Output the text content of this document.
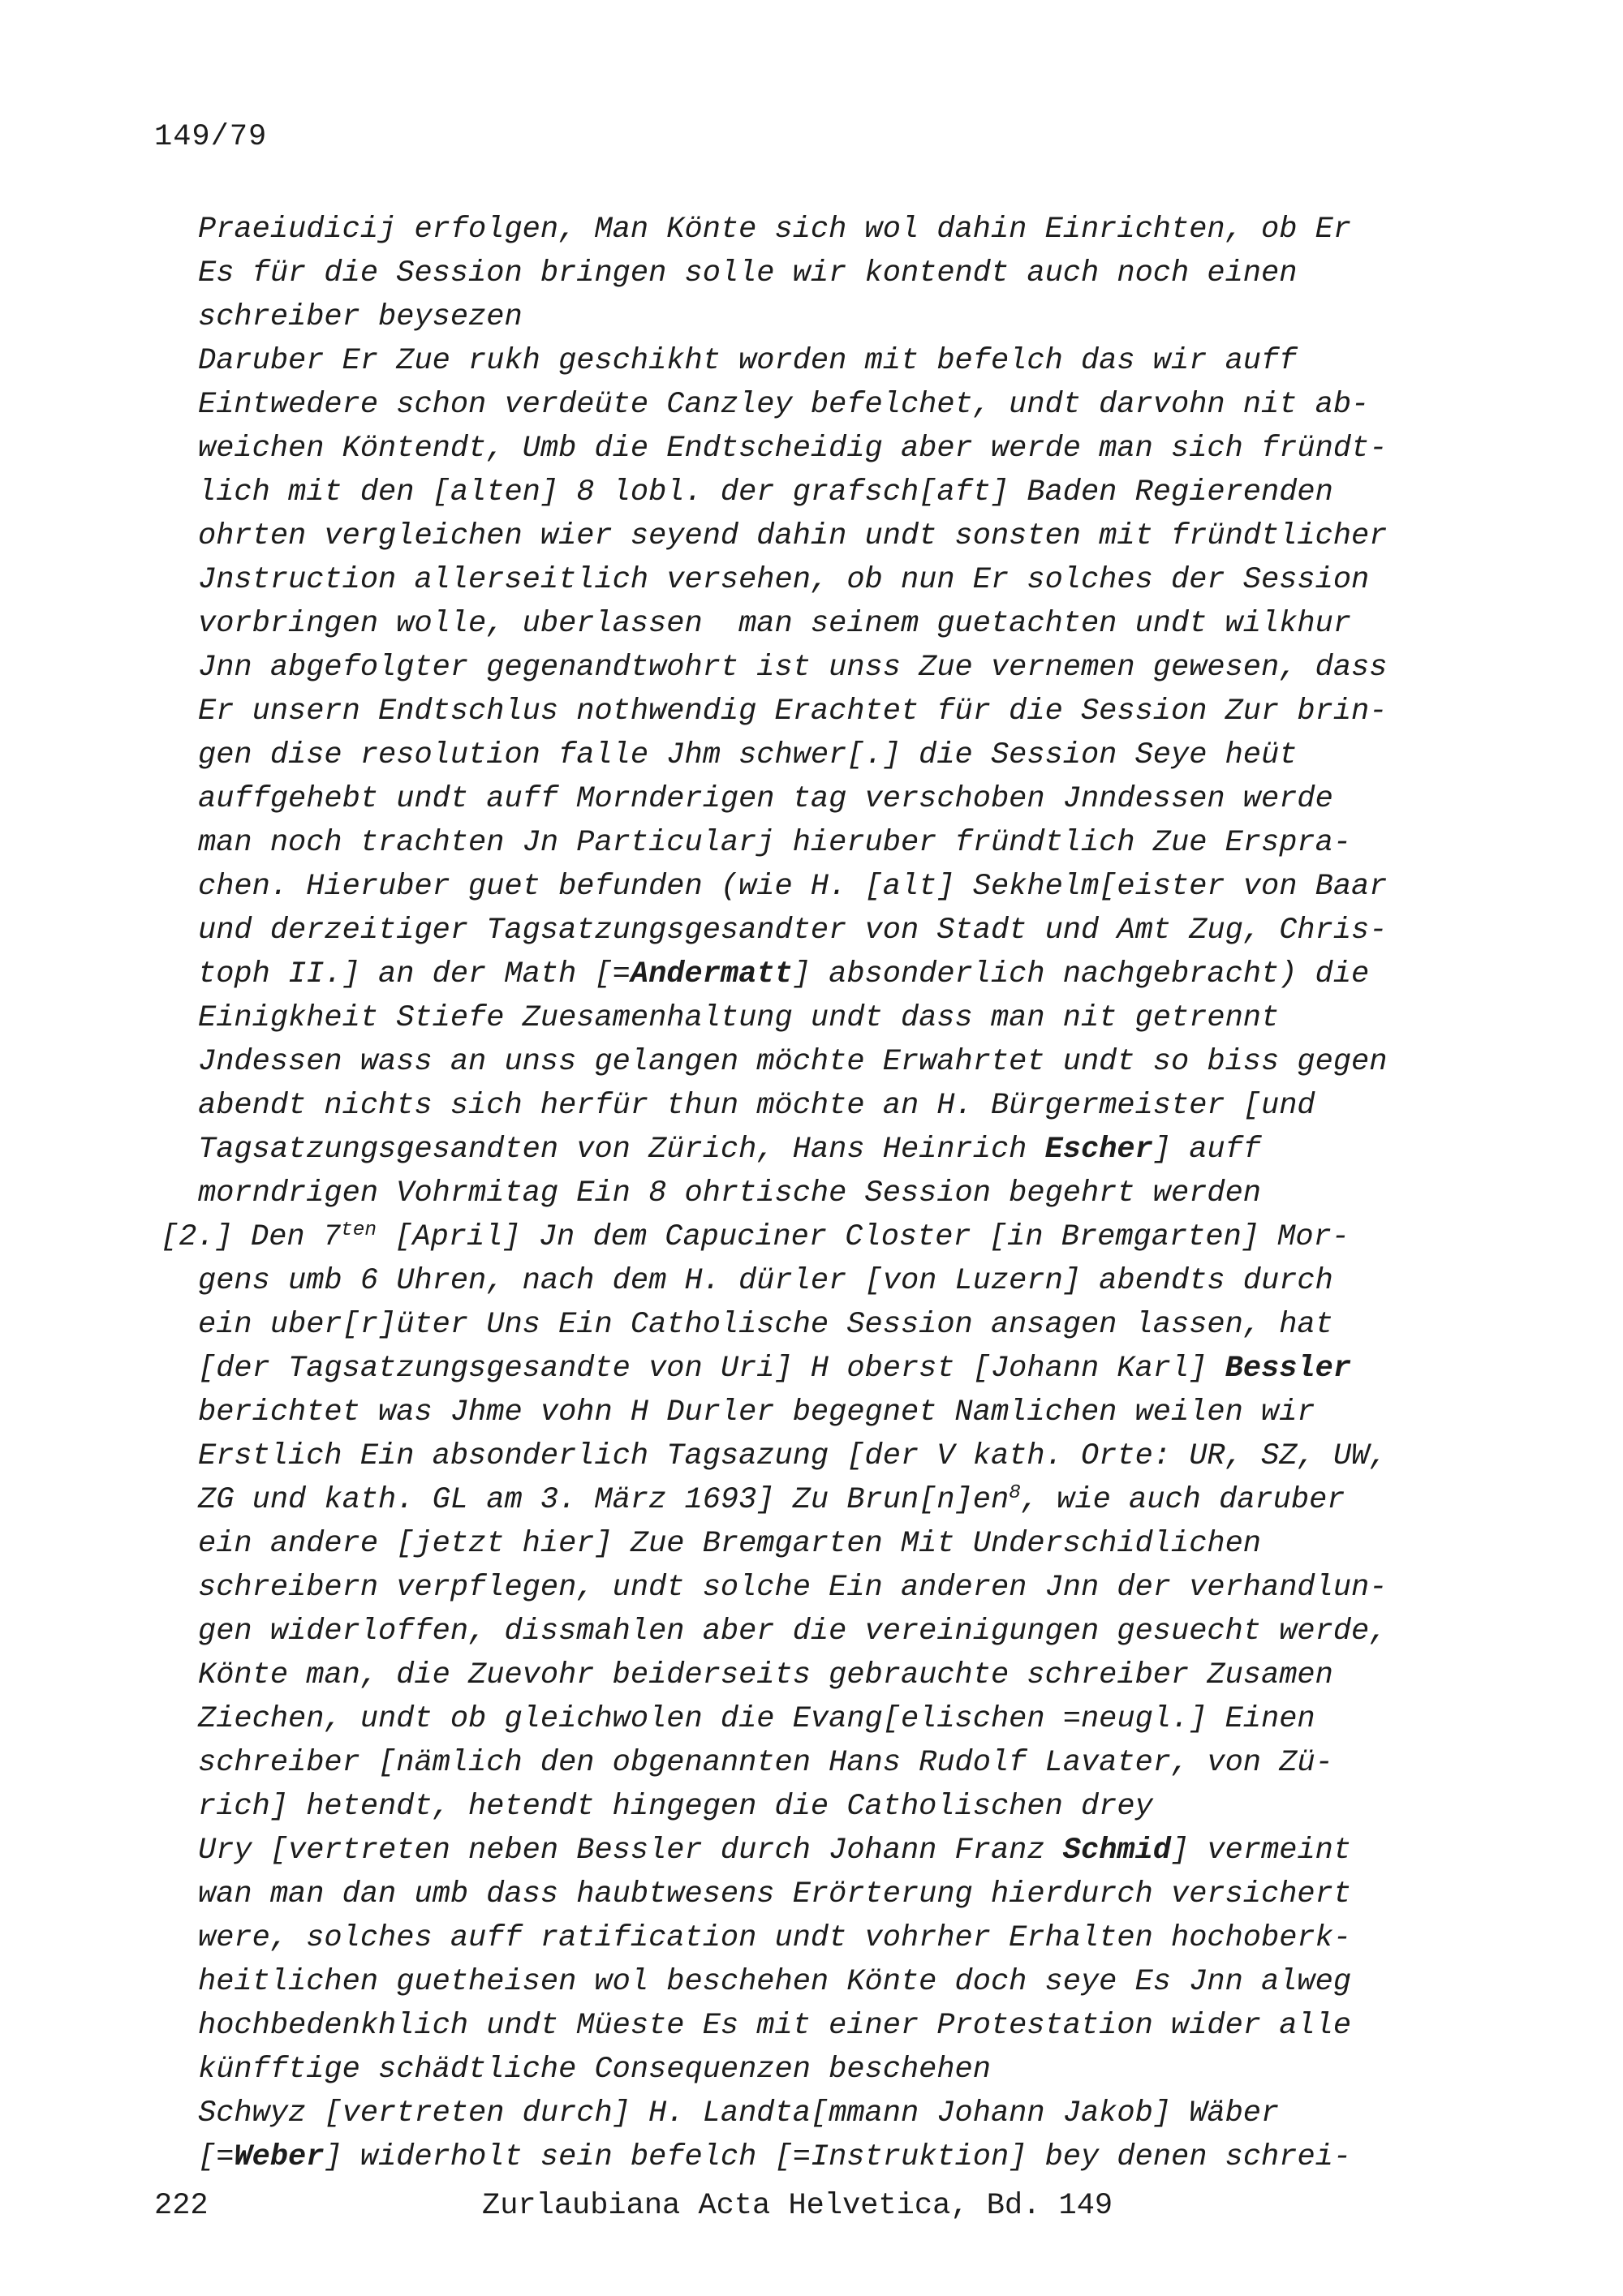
149/79
Praeiudicij erfolgen, Man Könte sich wol dahin Einrichten, ob Er
Es für die Session bringen solle wir kontendt auch noch einen
schreiber beysezen
Daruber Er Zue rukh geschikht worden mit befelch das wir auff
Eintwedere schon verdeüte Canzley befelchet, undt darvohn nit ab-
weichen Köntendt, Umb die Endtscheidig aber werde man sich fründt-
lich mit den [alten] 8 lobl. der grafsch[aft] Baden Regierenden
ohrten vergleichen wier seyend dahin undt sonsten mit fründtlicher
Jnstruction allerseitlich versehen, ob nun Er solches der Session
vorbringen wolle, uberlassen  man seinem guetachten undt wilkhur
Jnn abgefolgter gegenandtwohrt ist unss Zue vernemen gewesen, dass
Er unsern Endtschlus nothwendig Erachtet für die Session Zur brin-
gen dise resolution falle Jhm schwer[.] die Session Seye heüt
auffgehebt undt auff Mornderigen tag verschoben Jnndessen werde
man noch trachten Jn Particularj hieruber fründtlich Zue Erspra-
chen. Hieruber guet befunden (wie H. [alt] Sekhelm[eister von Baar
und derzeitiger Tagsatzungsgesandter von Stadt und Amt Zug, Chris-
toph II.] an der Math [=Andermatt] absonderlich nachgebracht) die
Einigkheit Stiefe Zuesamenhaltung undt dass man nit getrennt
Jndessen wass an unss gelangen möchte Erwahrtet undt so biss gegen
abendt nichts sich herfür thun möchte an H. Bürgermeister [und
Tagsatzungsgesandten von Zürich, Hans Heinrich Escher] auff
morndrigen Vohrmitag Ein 8 ohrtische Session begehrt werden
[2.] Den $7^{ten}$ [April] Jn dem Capuciner Closter [in Bremgarten] Mor-
gens umb 6 Uhren, nach dem H. dürler [von Luzern] abendts durch
ein uber[r]üter Uns Ein Catholische Session ansagen lassen, hat
[der Tagsatzungsgesandte von Uri] H oberst [Johann Karl] Bessler
berichtet was Jhme vohn H Durler begegnet Namlichen weilen wir
Erstlich Ein absonderlich Tagsazung [der V kath. Orte: UR, SZ, UW,
ZG und kath. GL am 3. März 1693] Zu $Brun[n]en^8$, wie auch daruber
ein andere [jetzt hier] Zue Bremgarten Mit Underschidlichen
schreibern verpflegen, undt solche Ein anderen Jnn der verhandlun-
gen widerloffen, dissmahlen aber die vereinigungen gesuecht werde,
Könte man, die Zuevohr beiderseits gebrauchte schreiber Zusamen
Ziechen, undt ob gleichwolen die Evang[elischen =neugl.] Einen
schreiber [nämlich den obgenannten Hans Rudolf Lavater, von Zü-
rich] hetendt, hetendt hingegen die Catholischen drey
Ury [vertreten neben Bessler durch Johann Franz Schmid] vermeint
wan man dan umb dass haubtwesens Erörterung hierdurch versichert
were, solches auff ratification undt vohrher Erhalten hochoberk-
heitlichen guetheisen wol beschehen Könte doch seye Es Jnn alweg
hochbedenkhlich undt Müeste Es mit einer Protestation wider alle
künfftige schädtliche Consequenzen beschehen
Schwyz [vertreten durch] H. Landta[mmann Johann Jakob] Wäber
[=Weber] widerholt sein befelch [=Instruktion] bey denen schrei-
222	Zurlaubiana Acta Helvetica, Bd. 149
